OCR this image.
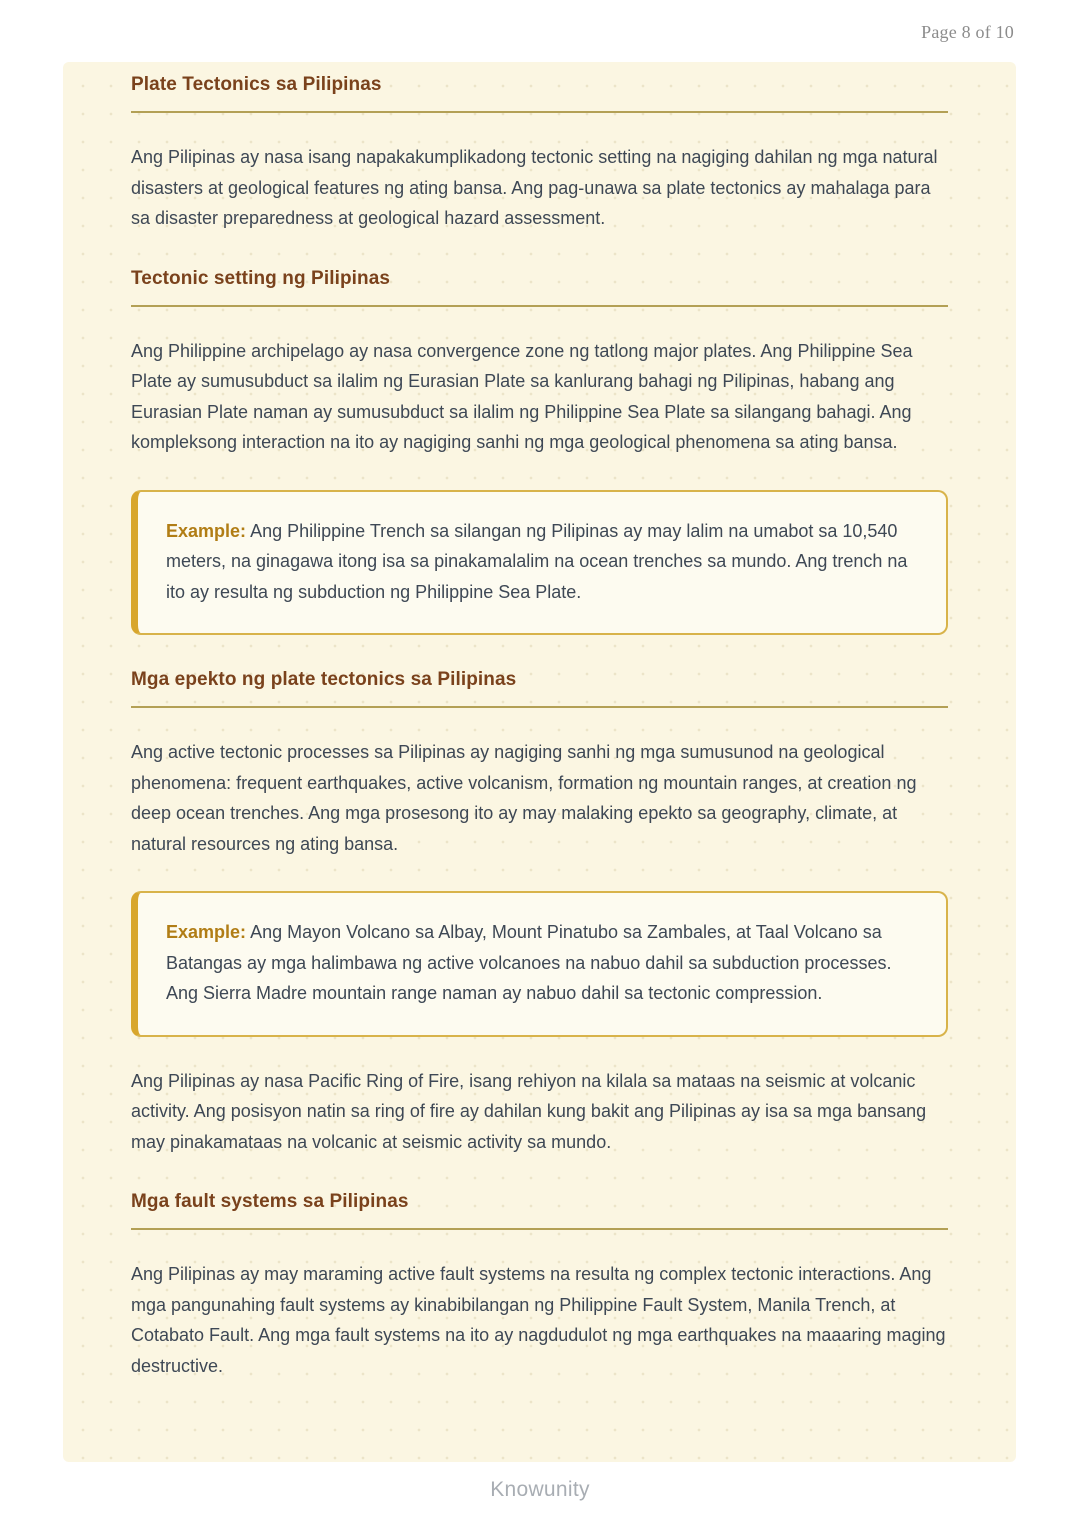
Page 8 of 10
Plate Tectonics sa Pilipinas

Ang Pilipinas ay nasa isang napakakumplikadong tectonic setting na nagiging dahilan ng mga natural disasters at geological features ng ating bansa. Ang pag-unawa sa plate tectonics ay mahalaga para sa disaster preparedness at geological hazard assessment.

Tectonic setting ng Pilipinas

Ang Philippine archipelago ay nasa convergence zone ng tatlong major plates. Ang Philippine Sea Plate ay sumusubduct sa ilalim ng Eurasian Plate sa kanlurang bahagi ng Pilipinas, habang ang Eurasian Plate naman ay sumusubduct sa ilalim ng Philippine Sea Plate sa silangang bahagi. Ang kompleksong interaction na ito ay nagiging sanhi ng mga geological phenomena sa ating bansa.

Example: Ang Philippine Trench sa silangan ng Pilipinas ay may lalim na umabot sa 10,540 meters, na ginagawa itong isa sa pinakamalalim na ocean trenches sa mundo. Ang trench na ito ay resulta ng subduction ng Philippine Sea Plate.
Mga epekto ng plate tectonics sa Pilipinas

Ang active tectonic processes sa Pilipinas ay nagiging sanhi ng mga sumusunod na geological phenomena: frequent earthquakes, active volcanism, formation ng mountain ranges, at creation ng deep ocean trenches. Ang mga prosesong ito ay may malaking epekto sa geography, climate, at natural resources ng ating bansa.

Example: Ang Mayon Volcano sa Albay, Mount Pinatubo sa Zambales, at Taal Volcano sa Batangas ay mga halimbawa ng active volcanoes na nabuo dahil sa subduction processes. Ang Sierra Madre mountain range naman ay nabuo dahil sa tectonic compression.

Ang Pilipinas ay nasa Pacific Ring of Fire, isang rehiyon na kilala sa mataas na seismic at volcanic activity. Ang posisyon natin sa ring of fire ay dahilan kung bakit ang Pilipinas ay isa sa mga bansang may pinakamataas na volcanic at seismic activity sa mundo.

Mga fault systems sa Pilipinas

Ang Pilipinas ay may maraming active fault systems na resulta ng complex tectonic interactions. Ang mga pangunahing fault systems ay kinabibilangan ng Philippine Fault System, Manila Trench, at Cotabato Fault. Ang mga fault systems na ito ay nagdudulot ng mga earthquakes na maaaring maging destructive.

Knowunity
